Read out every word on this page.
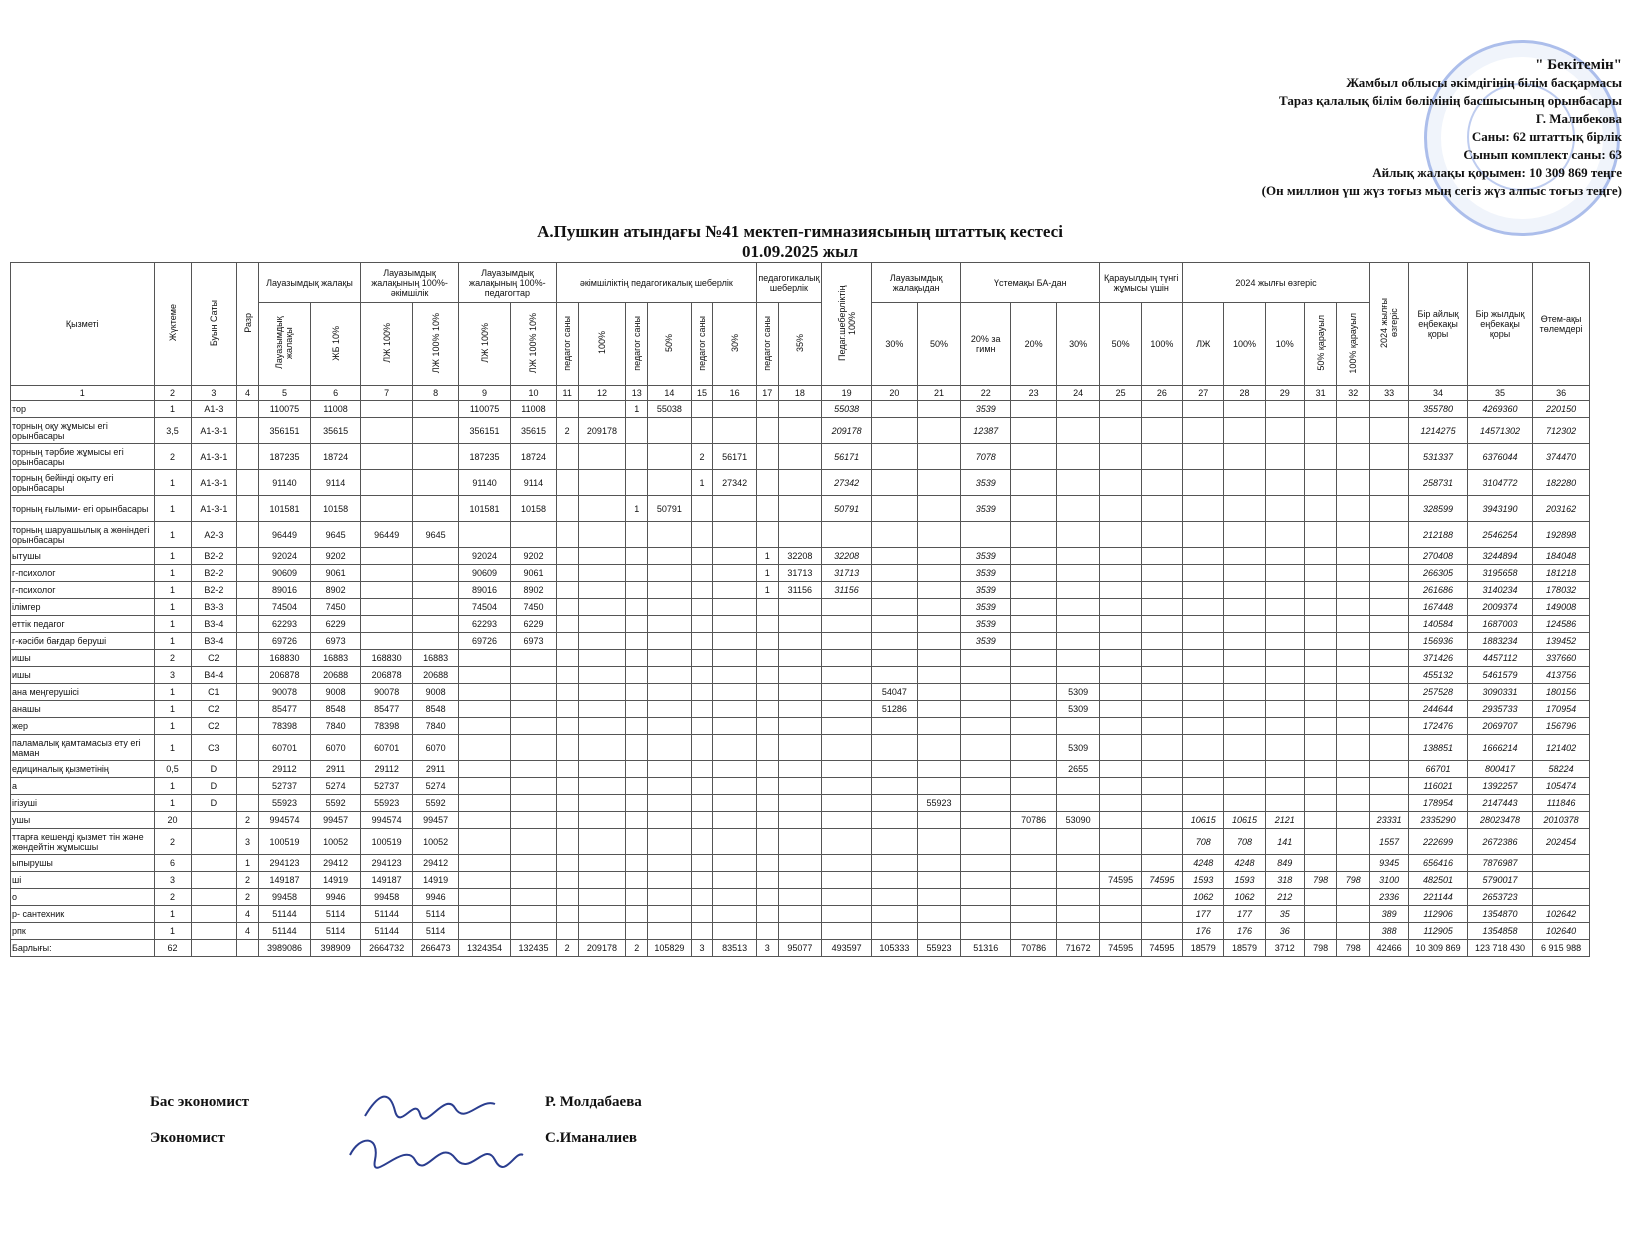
" Бекітемін"
Жамбыл облысы әкімдігінің білім басқармасы
Тараз қалалық білім бөлімінің басшысының орынбасары
Г. Малибекова
Саны: 62 штаттық бірлік
Сынып комплект саны: 63
Айлық жалақы қорымен: 10 309 869 теңге
(Он миллион үш жүз тоғыз мың сегіз жүз алпыс тоғыз теңге)
А.Пушкин атындағы №41 мектеп-гимназиясының штаттық кестесі
01.09.2025 жыл
Қызметі	Жүктеме	Буын Саты	Разр	Лауазымдық жалақы		Лауазымдық жалақының 100%-әкімшілік		Лауазымдық жалақының 100%-педагогтар		әкімшіліктің педагогикалық шеберлік						педагогикалық шеберлік		Педаг.шеберліктің 100%	Лауазымдық жалақыдан		Үстемақы БА-дан			Қарауылдың түнгі жұмысы үшін		2024 жылғы өзгеріс					2024 жылғы өзгеріс	Бір айлық еңбекақы қоры	Бір жылдық еңбекақы қоры	Өтем-ақы төлемдері
				Лауазымдық жалақы	ЖБ 10%	ЛЖ 100%	ЛЖ 100% 10%	ЛЖ 100%	ЛЖ 100% 10%	педагог саны	100%	педагог саны	50%	педагог саны	30%	педагог саны	35%		30%	50%	20% за гимн	20%	30%	50%	100%	ЛЖ	100%	10%	50% қарауыл	100% қарауыл				
1	2	3	4	5	6	7	8	9	10	11	12	13	14	15	16	17	18	19	20	21	22	23	24	25	26	27	28	29	31	32	33	34	35	36
тор	1	А1-3		110075	11008			110075	11008			1	55038					55038			3539											355780	4269360	220150
торның оқу жұмысы егі орынбасары	3,5	А1-3-1		356151	35615			356151	35615	2	209178							209178			12387											1214275	14571302	712302
торның тәрбие жұмысы егі орынбасары	2	А1-3-1		187235	18724			187235	18724					2	56171			56171			7078											531337	6376044	374470
торның бейінді оқыту егі орынбасары	1	А1-3-1		91140	9114			91140	9114					1	27342			27342			3539											258731	3104772	182280
торның ғылыми- егі орынбасары	1	А1-3-1		101581	10158			101581	10158			1	50791					50791			3539											328599	3943190	203162
торның шаруашылық а жөніндегі орынбасары	1	А2-3		96449	9645	96449	9645																									212188	2546254	192898
ытушы	1	В2-2		92024	9202			92024	9202							1	32208	32208			3539											270408	3244894	184048
г-психолог	1	В2-2		90609	9061			90609	9061							1	31713	31713			3539											266305	3195658	181218
г-психолог	1	В2-2		89016	8902			89016	8902							1	31156	31156			3539											261686	3140234	178032
ілімгер	1	В3-3		74504	7450			74504	7450												3539											167448	2009374	149008
еттік педагог	1	В3-4		62293	6229			62293	6229												3539											140584	1687003	124586
г-кәсіби бағдар беруші	1	В3-4		69726	6973			69726	6973												3539											156936	1883234	139452
ишы	2	С2		168830	16883	168830	16883																									371426	4457112	337660
ишы	3	В4-4		206878	20688	206878	20688																									455132	5461579	413756
ана меңгерушісі	1	С1		90078	9008	90078	9008												54047				5309									257528	3090331	180156
анашы	1	С2		85477	8548	85477	8548												51286				5309									244644	2935733	170954
жер	1	С2		78398	7840	78398	7840																									172476	2069707	156796
паламалық қамтамасыз ету егі маман	1	С3		60701	6070	60701	6070																5309									138851	1666214	121402
едициналық қызметінің	0,5	D		29112	2911	29112	2911																2655									66701	800417	58224
а	1	D		52737	5274	52737	5274																									116021	1392257	105474
ігізуші	1	D		55923	5592	55923	5592													55923												178954	2147443	111846
ушы	20		2	994574	99457	994574	99457															70786	53090			10615	10615	2121			23331	2335290	28023478	2010378
ттарға кешенді қызмет тін және жөндейтін жұмысшы	2		3	100519	10052	100519	10052																			708	708	141			1557	222699	2672386	202454
ыпырушы	6		1	294123	29412	294123	29412																			4248	4248	849			9345	656416	7876987	
ші	3		2	149187	14919	149187	14919																	74595	74595	1593	1593	318	798	798	3100	482501	5790017	
о	2		2	99458	9946	99458	9946																			1062	1062	212			2336	221144	2653723	
р- сантехник	1		4	51144	5114	51144	5114																			177	177	35			389	112906	1354870	102642
рпк	1		4	51144	5114	51144	5114																			176	176	36			388	112905	1354858	102640
Барлығы:	62			3989086	398909	2664732	266473	1324354	132435	2	209178	2	105829	3	83513	3	95077	493597	105333	55923	51316	70786	71672	74595	74595	18579	18579	3712	798	798	42466	10 309 869	123 718 430	6 915 988
Бас экономист	Р. Молдабаева
Экономист	С.Иманалиев
